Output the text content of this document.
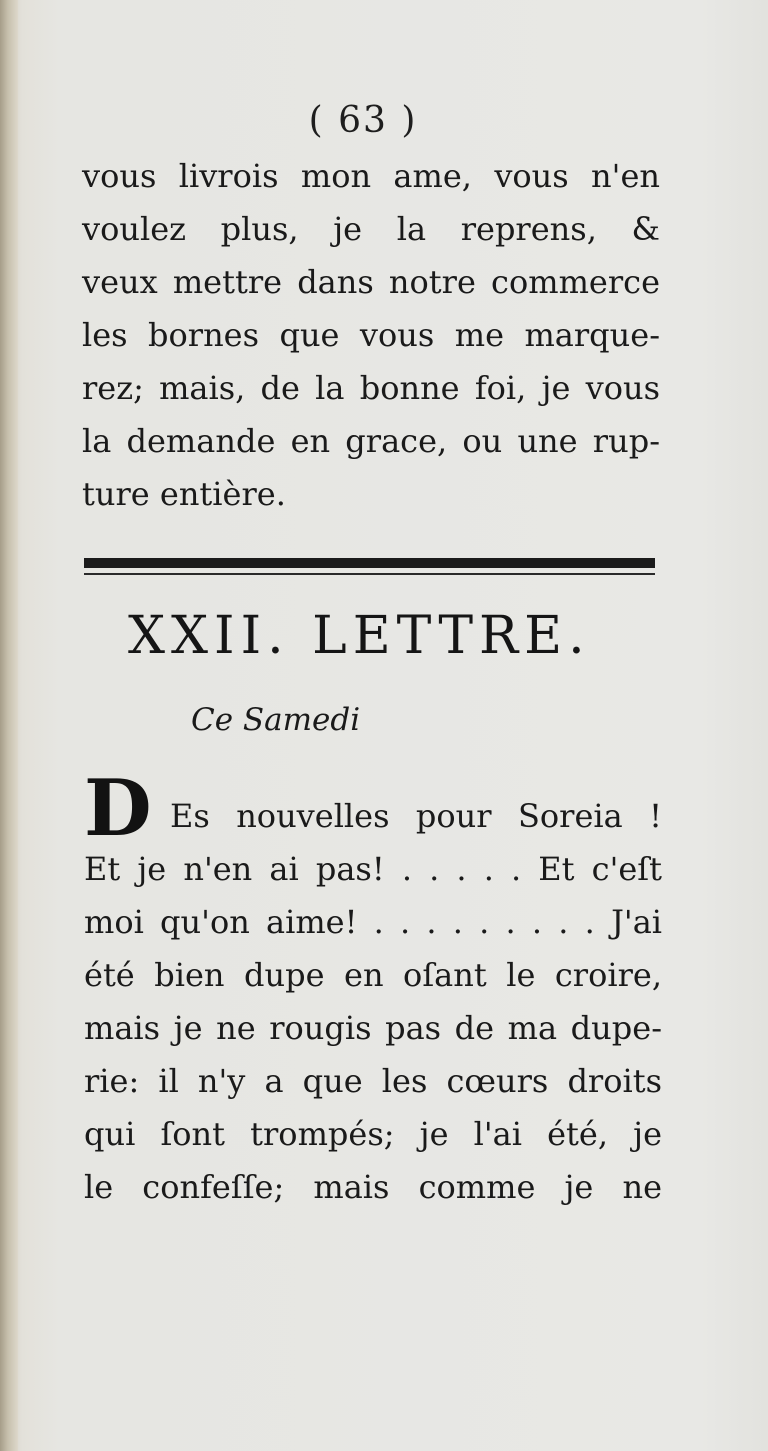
( 63 )
vous livrois mon ame, vous n'en
voulez plus, je la reprens, &
veux mettre dans notre commerce
les bornes que vous me marque-
rez; mais, de la bonne foi, je vous
la demande en grace, ou une rup-
ture entière.
XXII. LETTRE.
Ce Samedi
D Es nouvelles pour Soreia !
Et je n'en ai pas! . . . . . Et c'eſt
moi qu'on aime! . . . . . . . . . J'ai
été bien dupe en oſant le croire,
mais je ne rougis pas de ma dupe-
rie: il n'y a que les cœurs droits
qui ſont trompés; je l'ai été, je
le confeſſe; mais comme je ne
